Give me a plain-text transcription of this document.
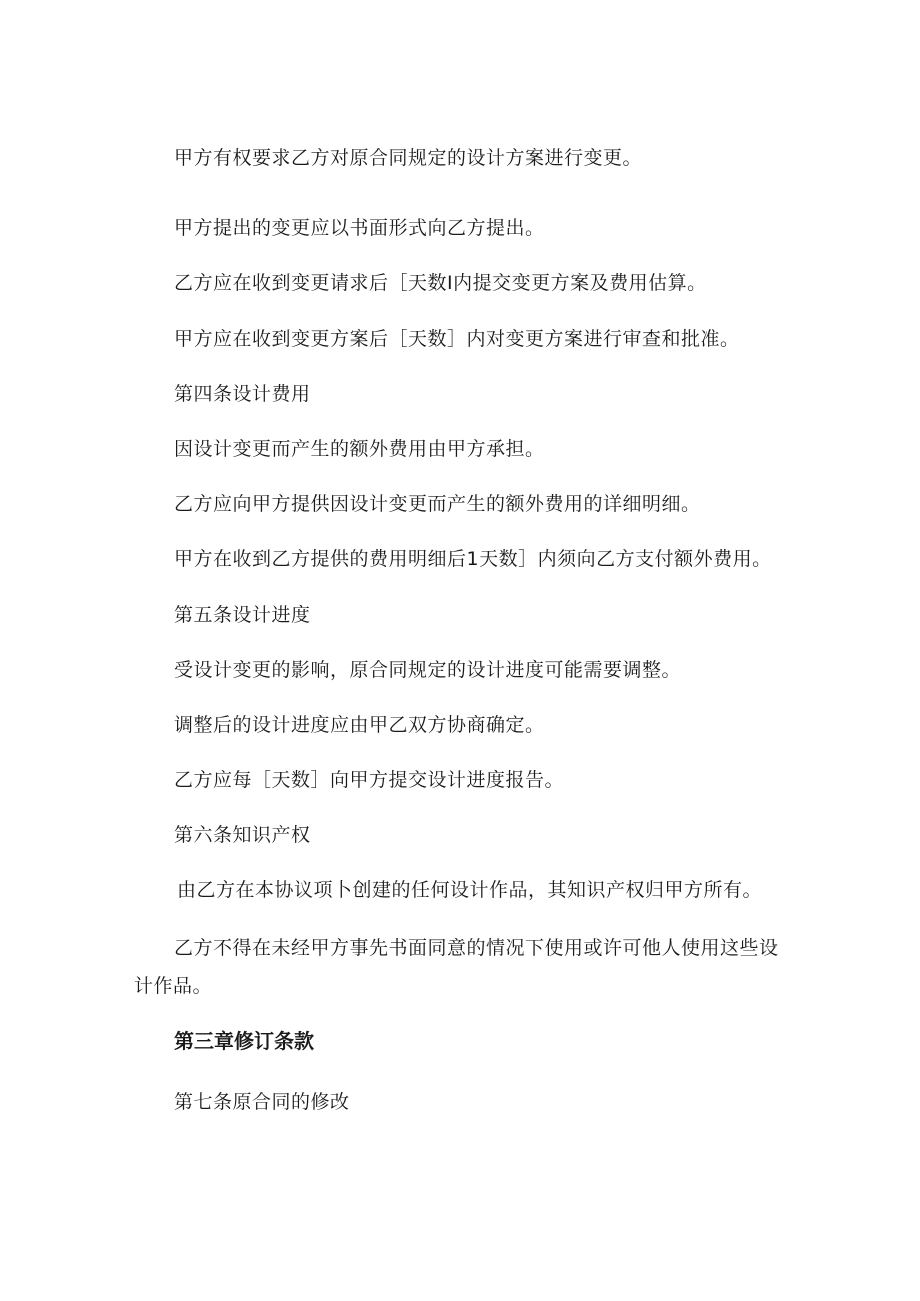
甲方有权要求乙方对原合同规定的设计方案进行变更。
甲方提出的变更应以书面形式向乙方提出。
乙方应在收到变更请求后［天数I内提交变更方案及费用估算。
甲方应在收到变更方案后［天数］内对变更方案进行审查和批准。
第四条设计费用
因设计变更而产生的额外费用由甲方承担。
乙方应向甲方提供因设计变更而产生的额外费用的详细明细。
甲方在收到乙方提供的费用明细后1天数］内须向乙方支付额外费用。
第五条设计进度
受设计变更的影响，原合同规定的设计进度可能需要调整。
调整后的设计进度应由甲乙双方协商确定。
乙方应每［天数］向甲方提交设计进度报告。
第六条知识产权
由乙方在本协议项卜创建的任何设计作品，其知识产权归甲方所有。
乙方不得在未经甲方事先书面同意的情况下使用或许可他人使用这些设计作品。
第三章修订条款
第七条原合同的修改
